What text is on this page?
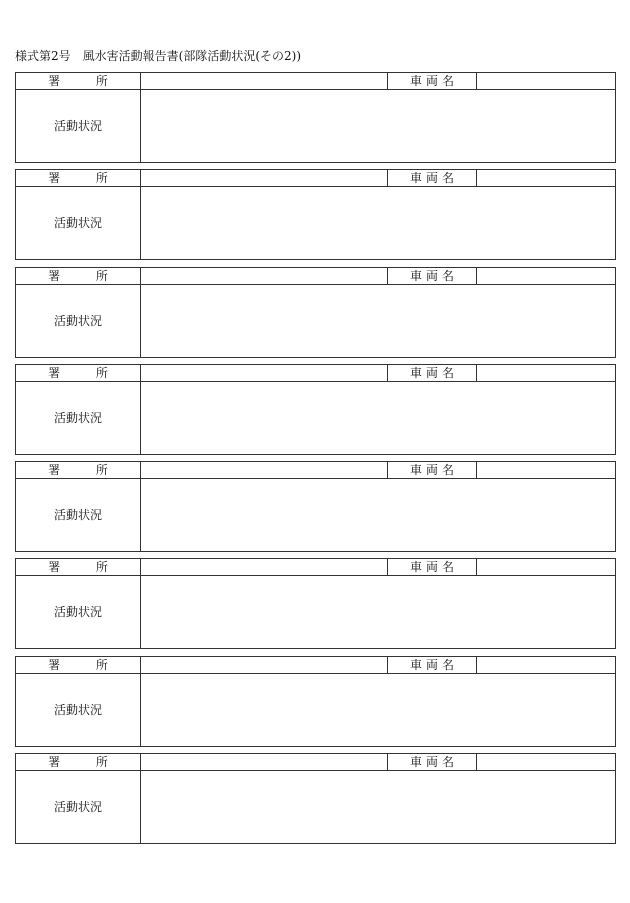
様式第2号　風水害活動報告書(部隊活動状況(その2))
署 所		車両名	
活動状況			
署 所		車両名	
活動状況			
署 所		車両名	
活動状況			
署 所		車両名	
活動状況			
署 所		車両名	
活動状況			
署 所		車両名	
活動状況			
署 所		車両名	
活動状況			
署 所		車両名	
活動状況			
